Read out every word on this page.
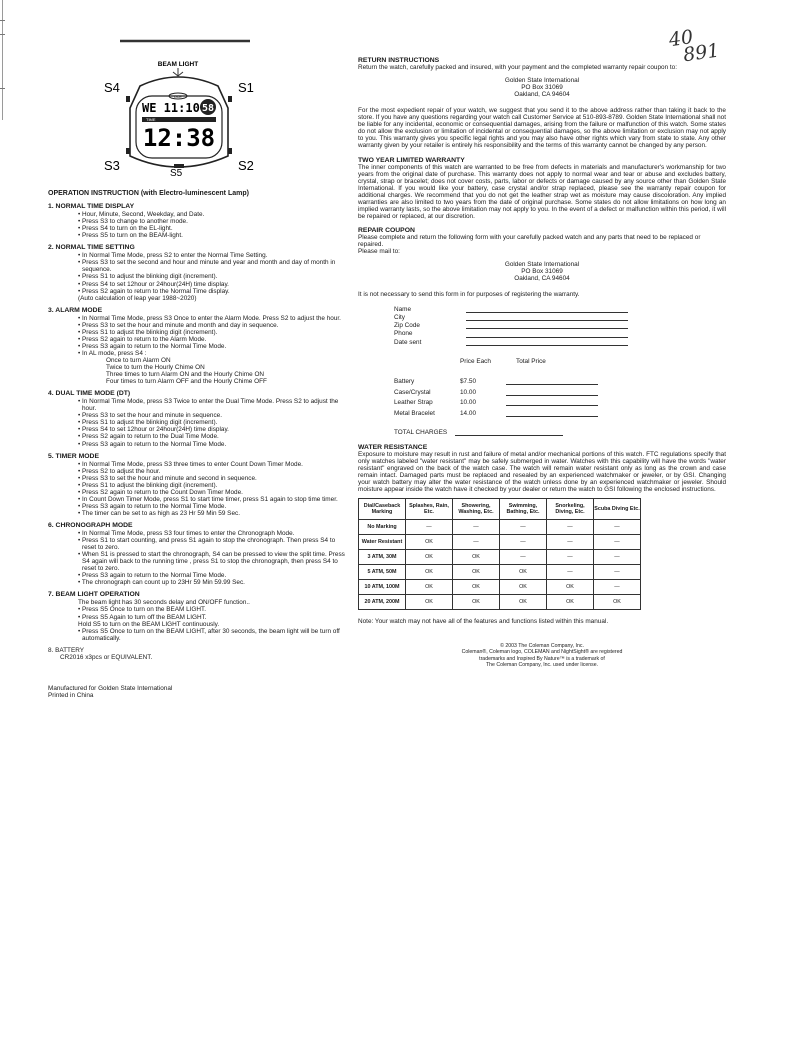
40
891
BEAM LIGHT
DCE
WE 11:10 58
TIME
12:38
S4	S1
S3	S2
S5
OPERATION INSTRUCTION (with Electro-luminescent Lamp)
1. NORMAL TIME DISPLAY
• Hour, Minute, Second, Weekday, and Date.
• Press S3 to change to another mode.
• Press S4 to turn on the EL-light.
• Press S5 to turn on the BEAM-light.
2. NORMAL TIME SETTING
• In Normal Time Mode, press S2 to enter the Normal Time Setting.
• Press S3 to set the second and hour and minute and year and month and day of month in sequence.
• Press S1 to adjust the blinking digit (increment).
• Press S4 to set 12hour or 24hour(24H) time display.
• Press S2 again to return to the Normal Time display.
(Auto calculation of leap year 1988~2020)
3. ALARM MODE
• In Normal Time Mode, press S3 Once to enter the Alarm Mode. Press S2 to adjust the hour.
• Press S3 to set the hour and minute and month and day in sequence.
• Press S1 to adjust the blinking digit (increment).
• Press S2 again to return to the Alarm Mode.
• Press S3 again to return to the Normal Time Mode.
• In AL mode, press S4 :
Once to turn Alarm ON
Twice to turn the Hourly Chime ON
Three times to turn Alarm ON and the Hourly Chime ON
Four times to turn Alarm OFF and the Hourly Chime OFF
4. DUAL TIME MODE (DT)
• In Normal Time Mode, press S3 Twice to enter the Dual Time Mode. Press S2 to adjust the hour.
• Press S3 to set the hour and minute in sequence.
• Press S1 to adjust the blinking digit (increment).
• Press S4 to set 12hour or 24hour(24H) time display.
• Press S2 again to return to the Dual Time Mode.
• Press S3 again to return to the Normal Time Mode.
5. TIMER MODE
• In Normal Time Mode, press S3 three times to enter Count Down Timer Mode.
• Press S2 to adjust the hour.
• Press S3 to set the hour and minute and second in sequence.
• Press S1 to adjust the blinking digit (increment).
• Press S2 again to return to the Count Down Timer Mode.
• In Count Down Timer Mode, press S1 to start time timer, press S1 again to stop time timer.
• Press S3 again to return to the Normal Time Mode.
• The timer can be set to as high as 23 Hr 59 Min 59 Sec.
6. CHRONOGRAPH MODE
• In Normal Time Mode, press S3 four times to enter the Chronograph Mode.
• Press S1 to start counting, and press S1 again to stop the chronograph. Then press S4 to reset to zero.
• When S1 is pressed to start the chronograph, S4 can be pressed to view the split time. Press S4 again will back to the running time , press S1 to stop the chronograph, then press S4 to reset to zero.
• Press S3 again to return to the Normal Time Mode.
• The chronograph can count up to 23Hr 59 Min 59.99 Sec.
7. BEAM LIGHT OPERATION
The beam light has 30 seconds delay and ON/OFF function..
• Press S5 Once to turn on the BEAM LIGHT.
• Press S5 Again to turn off the BEAM LIGHT.
Hold S5 to turn on the BEAM LIGHT continuously.
• Press S5 Once to turn on the BEAM LIGHT, after 30 seconds, the beam light will be turn off automatically.
8. BATTERY
CR2016 x3pcs or EQUIVALENT.
Manufactured for Golden State International
Printed in China
RETURN INSTRUCTIONS
Return the watch, carefully packed and insured, with your payment and the completed warranty repair coupon to:
Golden State International
PO Box 31069
Oakland, CA 94604
For the most expedient repair of your watch, we suggest that you send it to the above address rather than taking it back to the store. If you have any questions regarding your watch call Customer Service at 510-893-8789. Golden State International shall not be liable for any incidental, economic or consequential damages, arising from the failure or malfunction of this watch. Some states do not allow the exclusion or limitation of incidental or consequential damages, so the above limitation or exclusion may not apply to you. This warranty gives you specific legal rights and you may also have other rights which vary from state to state. Any other warranty given by your retailer is entirely his responsibility and the terms of this warranty cannot be changed by any person.
TWO YEAR LIMITED WARRANTY
The inner components of this watch are warranted to be free from defects in materials and manufacturer's workmanship for two years from the original date of purchase. This warranty does not apply to normal wear and tear or abuse and excludes battery, crystal, strap or bracelet; does not cover costs, parts, labor or defects or damage caused by any source other than Golden State International. If you would like your battery, case crystal and/or strap replaced, please see the warranty repair coupon for additional charges. We recommend that you do not get the leather strap wet as moisture may cause discoloration. Any implied warranties are also limited to two years from the date of original purchase. Some states do not allow limitations on how long an implied warranty lasts, so the above limitation may not apply to you. In the event of a defect or malfunction within this period, it will be repaired or replaced, at our discretion.
REPAIR COUPON
Please complete and return the following form with your carefully packed watch and any parts that need to be replaced or repaired.
Please mail to:
Golden State International
PO Box 31069
Oakland, CA 94604
It is not necessary to send this form in for purposes of registering the warranty.
Name
City
Zip Code
Phone
Date sent
Price Each	Total Price
Battery	$7.50
Case/Crystal	10.00
Leather Strap	10.00
Metal Bracelet	14.00
TOTAL CHARGES
WATER RESISTANCE
Exposure to moisture may result in rust and failure of metal and/or mechanical portions of this watch. FTC regulations specify that only watches labeled "water resistant" may be safely submerged in water. Watches with this capability will have the words "water resistant" engraved on the back of the watch case. The watch will remain water resistant only as long as the crown and case remain intact. Damaged parts must be replaced and resealed by an experienced watchmaker or jeweler, or by GSI. Changing your watch battery may alter the water resistance of the watch unless done by an experienced watchmaker or jeweler. Should moisture appear inside the watch have it checked by your dealer or return the watch to GSI following the enclosed instructions.
Dial/Caseback Marking	Splashes, Rain, Etc.	Showering, Washing, Etc.	Swimming, Bathing, Etc.	Snorkeling, Diving, Etc.	Scuba Diving Etc.
No Marking	—	—	—	—	—
Water Resistant	OK	—	—	—	—
3 ATM, 30M	OK	OK	—	—	—
5 ATM, 50M	OK	OK	OK	—	—
10 ATM, 100M	OK	OK	OK	OK	—
20 ATM, 200M	OK	OK	OK	OK	OK
Note: Your watch may not have all of the features and functions listed within this manual.
© 2003 The Coleman Company, Inc.
Coleman®, Coleman logo, COLEMAN and NightSight® are registered
trademarks and Inspired By Nature™ is a trademark of
The Coleman Company, Inc. used under license.
